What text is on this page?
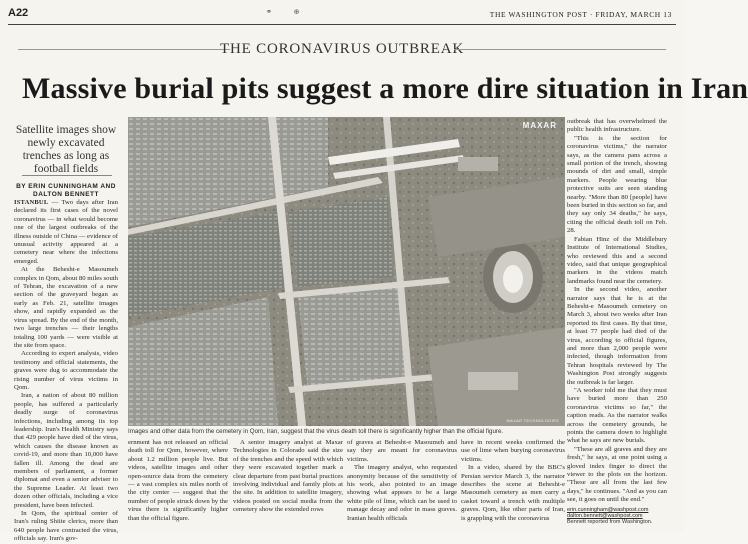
A22	⚭ ⊕	THE WASHINGTON POST · FRIDAY, MARCH 13
THE CORONAVIRUS OUTBREAK
Massive burial pits suggest a more dire situation in Iran
Satellite images show newly excavated trenches as long as football fields
BY ERIN CUNNINGHAM AND DALTON BENNETT

ISTANBUL — Two days after Iran declared its first cases of the novel coronavirus — in what would become one of the largest outbreaks of the illness outside of China — evidence of unusual activity appeared at a cemetery near where the infections emerged.

At the Behesht-e Masoumeh complex in Qom, about 80 miles south of Tehran, the excavation of a new section of the graveyard began as early as Feb. 21, satellite images show, and rapidly expanded as the virus spread. By the end of the month, two large trenches — their lengths totaling 100 yards — were visible at the site from space.

According to expert analysis, video testimony and official statements, the graves were dug to accommodate the rising number of virus victims in Qom.

Iran, a nation of about 80 million people, has suffered a particularly deadly surge of coronavirus infections, including among its top leadership. Iran's Health Ministry says that 429 people have died of the virus, which causes the disease known as covid-19, and more than 10,000 have fallen ill. Among the dead are members of parliament, a former diplomat and even a senior adviser to the Supreme Leader. At least two dozen other officials, including a vice president, have been infected.

In Qom, the spiritual center of Iran's ruling Shiite clerics, more than 640 people have contracted the virus, officials say. Iran's gov-

MAXAR
MAXAR TECHNOLOGIES
Images and other data from the cemetery in Qom, Iran, suggest that the virus death toll there is significantly higher than the official figure.

ernment has not released an official death toll for Qom, however, where about 1.2 million people live. But videos, satellite images and other open-source data from the cemetery — a vast complex six miles north of the city center — suggest that the number of people struck down by the virus there is significantly higher than the official figure.

A senior imagery analyst at Maxar Technologies in Colorado said the size of the trenches and the speed with which they were excavated together mark a clear departure from past burial practices involving individual and family plots at the site. In addition to satellite imagery, videos posted on social media from the cemetery show the extended rows

of graves at Behesht-e Masoumeh and say they are meant for coronavirus victims.

The imagery analyst, who requested anonymity because of the sensitivity of his work, also pointed to an image showing what appears to be a large white pile of lime, which can be used to manage decay and odor in mass graves. Iranian health officials

have in recent weeks confirmed the use of lime when burying coronavirus victims.

In a video, shared by the BBC's Persian service March 3, the narrator describes the scene at Behesht-e Masoumeh cemetery as men carry a casket toward a trench with multiple graves. Qom, like other parts of Iran, is grappling with the coronavirus

outbreak that has overwhelmed the public health infrastructure.

"This is the section for coronavirus victims," the narrator says, as the camera pans across a small portion of the trench, showing mounds of dirt and small, simple markers. People wearing blue protective suits are seen standing nearby. "More than 80 [people] have been buried in this section so far, and they say only 34 deaths," he says, citing the official death toll on Feb. 28.

Fabian Hinz of the Middlebury Institute of International Studies, who reviewed this and a second video, said that unique geographical markers in the videos match landmarks found near the cemetery.

In the second video, another narrator says that he is at the Behesht-e Masoumeh cemetery on March 3, about two weeks after Iran reported its first cases. By that time, at least 77 people had died of the virus, according to official figures, and more than 2,000 people were infected, though information from Tehran hospitals reviewed by The Washington Post strongly suggests the outbreak is far larger.

"A worker told me that they must have buried more than 250 coronavirus victims so far," the caption reads. As the narrator walks across the cemetery grounds, he points the camera down to highlight what he says are new burials.

"These are all graves and they are fresh," he says, at one point using a gloved index finger to direct the viewer to the plots on the horizon. "These are all from the last few days," he continues. "And as you can see, it goes on until the end."

erin.cunningham@washpost.com dalton.bennett@washpost.com

Bennett reported from Washington.
